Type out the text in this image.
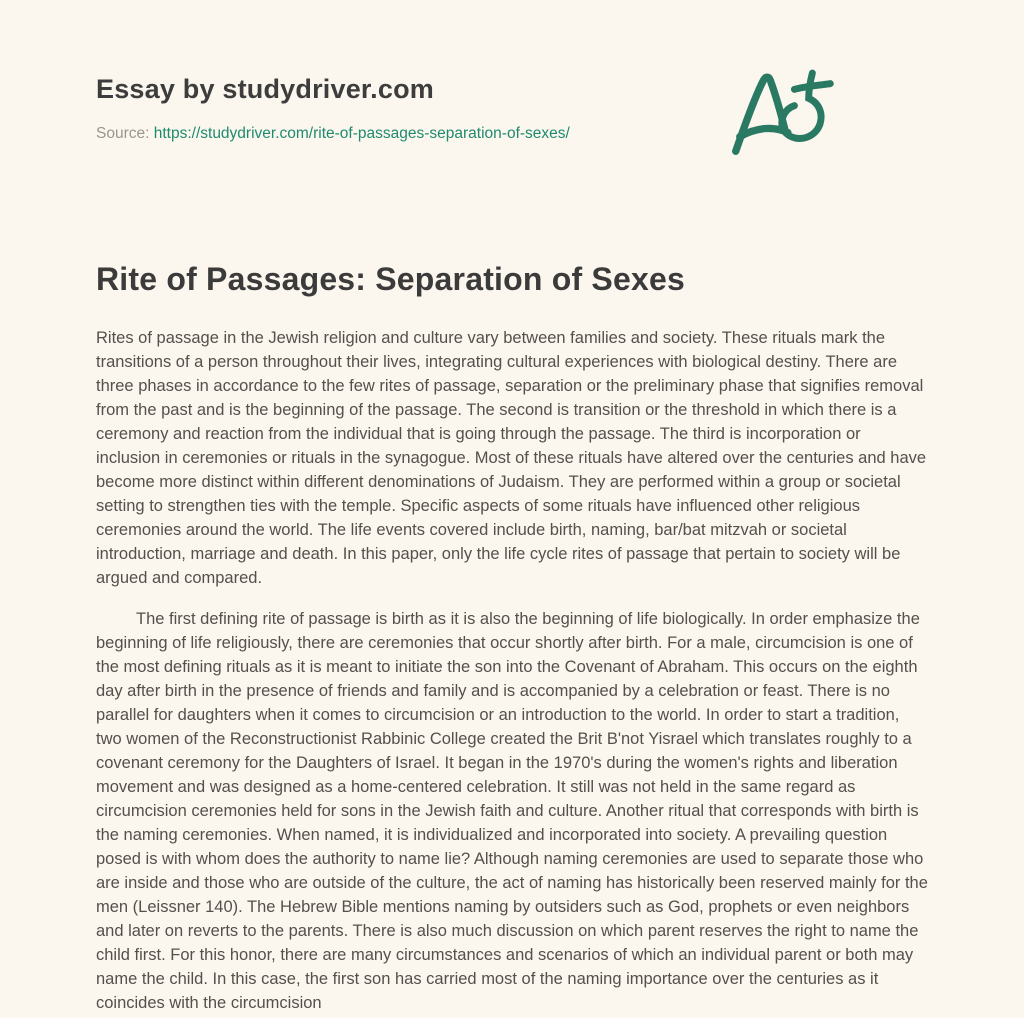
Essay by studydriver.com

Source: https://studydriver.com/rite-of-passages-separation-of-sexes/

Rite of Passages: Separation of Sexes

Rites of passage in the Jewish religion and culture vary between families and society. These rituals mark the transitions of a person throughout their lives, integrating cultural experiences with biological destiny. There are three phases in accordance to the few rites of passage, separation or the preliminary phase that signifies removal from the past and is the beginning of the passage. The second is transition or the threshold in which there is a ceremony and reaction from the individual that is going through the passage. The third is incorporation or inclusion in ceremonies or rituals in the synagogue. Most of these rituals have altered over the centuries and have become more distinct within different denominations of Judaism. They are performed within a group or societal setting to strengthen ties with the temple. Specific aspects of some rituals have influenced other religious ceremonies around the world. The life events covered include birth, naming, bar/bat mitzvah or societal introduction, marriage and death. In this paper, only the life cycle rites of passage that pertain to society will be argued and compared.

The first defining rite of passage is birth as it is also the beginning of life biologically. In order emphasize the beginning of life religiously, there are ceremonies that occur shortly after birth. For a male, circumcision is one of the most defining rituals as it is meant to initiate the son into the Covenant of Abraham. This occurs on the eighth day after birth in the presence of friends and family and is accompanied by a celebration or feast. There is no parallel for daughters when it comes to circumcision or an introduction to the world. In order to start a tradition, two women of the Reconstructionist Rabbinic College created the Brit B'not Yisrael which translates roughly to a covenant ceremony for the Daughters of Israel. It began in the 1970's during the women's rights and liberation movement and was designed as a home-centered celebration. It still was not held in the same regard as circumcision ceremonies held for sons in the Jewish faith and culture. Another ritual that corresponds with birth is the naming ceremonies. When named, it is individualized and incorporated into society. A prevailing question posed is with whom does the authority to name lie? Although naming ceremonies are used to separate those who are inside and those who are outside of the culture, the act of naming has historically been reserved mainly for the men (Leissner 140). The Hebrew Bible mentions naming by outsiders such as God, prophets or even neighbors and later on reverts to the parents. There is also much discussion on which parent reserves the right to name the child first. For this honor, there are many circumstances and scenarios of which an individual parent or both may name the child. In this case, the first son has carried most of the naming importance over the centuries as it coincides with the circumcision
